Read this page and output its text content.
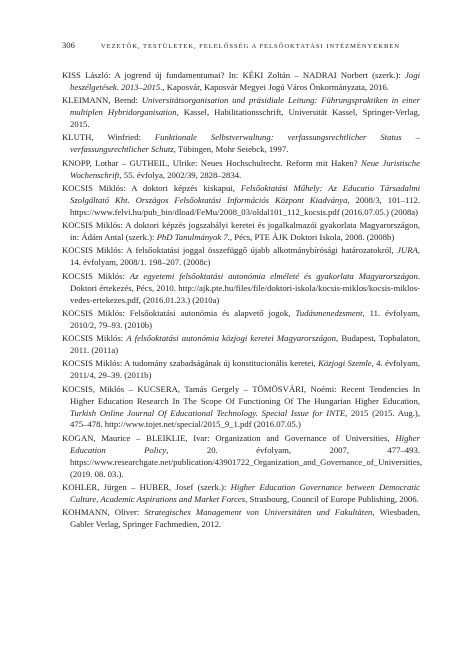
306	VEZETŐK, TESTÜLETEK, FELELŐSSÉG A FELSŐOKTATÁSI INTÉZMÉNYEKBEN

KISS László: A jogrend új fundamentumai? In: KÉKI Zoltán – NADRAI Norbert (szerk.): Jogi beszélgetések. 2013–2015., Kaposvár, Kaposvár Megyei Jogú Város Önkormányzata, 2016.

KLEIMANN, Bernd: Universitätsorganisation und präsidiale Leitung: Führungspraktiken in einer multiplen Hybridorganisation, Kassel, Habilitationsschrift, Universität Kassel, Springer-Verlag, 2015.

KLUTH, Winfried: Funktionale Selbstverwaltung: verfassungsrechtlicher Status – verfassungsrechtlicher Schutz, Tübingen, Mohr Seiebck, 1997.

KNOPP, Lothar – GUTHEIL, Ulrike: Neues Hochschulrecht. Reform mit Haken? Neue Juristische Wochenschrift, 55. évfolya, 2002/39, 2828–2834.

KOCSIS Miklós: A doktori képzés kiskapui, Felsőoktatási Műhely: Az Educatio Társadalmi Szolgáltató Kht. Országos Felsőoktatási Információs Központ Kiadványa, 2008/3, 101–112. https://www.felvi.hu/pub_bin/dload/FeMu/2008_03/oldal101_112_kocsis.pdf (2016.07.05.) (2008a)

KOCSIS Miklós: A doktori képzés jogszabályi keretei és jogalkalmazói gyakorlata Magyarországon, in: Ádám Antal (szerk.): PhD Tanulmányok 7., Pécs, PTE ÁJK Doktori Iskola, 2008. (2008b)

KOCSIS Miklós: A felsőoktatási joggal összefüggő újabb alkotmánybírósági határozatokról, JURA, 14. évfolyam, 2008/1. 198–207. (2008c)

KOCSIS Miklós: Az egyetemi felsőoktatási autonómia elméleté és gyakorlata Magyarországon. Doktori értekezés, Pécs, 2010. http://ajk.pte.hu/files/file/doktori-iskola/kocsis-miklos/kocsis-miklos-vedes-ertekezes.pdf, (2016.01.23.) (2010a)

KOCSIS Miklós: Felsőoktatási autonómia és alapvető jogok, Tudásmenedzsment, 11. évfolyam, 2010/2, 79–93. (2010b)

KOCSIS Miklós: A felsőoktatási autonómia közjogi keretei Magyarországon, Budapest, Topbalaton, 2011. (2011a)

KOCSIS Miklós: A tudomány szabadságának új konstitucionális keretei, Közjogi Szemle, 4. évfolyam, 2011/4, 29–39. (2011b)

KOCSIS, Miklós – KUCSERA, Tamás Gergely – TÖMÖSVÁRI, Noémi: Recent Tendencies In Higher Education Research In The Scope Of Functioning Of The Hungarian Higher Education, Turkish Online Journal Of Educational Technology. Special Issue for INTE, 2015 (2015. Aug.), 475–478. http://www.tojet.net/special/2015_9_1.pdf (2016.07.05.)

KOGAN, Maurice – BLEIKLIE, Ivar: Organization and Governance of Universities, Higher Education Policy, 20. évfolyam, 2007, 477–493. https://www.researchgate.net/publication/43901722_Organization_and_Governance_of_Universities, (2019. 08. 03.).

KOHLER, Jürgen – HUBER, Josef (szerk.): Higher Education Governance between Democratic Culture, Academic Aspirations and Market Forces, Strasbourg, Council of Europe Publishing, 2006.

KOHMANN, Oliver: Strategisches Management von Universitäten und Fakultäten, Wiesbaden, Gabler Verlag, Springer Fachmedien, 2012.
